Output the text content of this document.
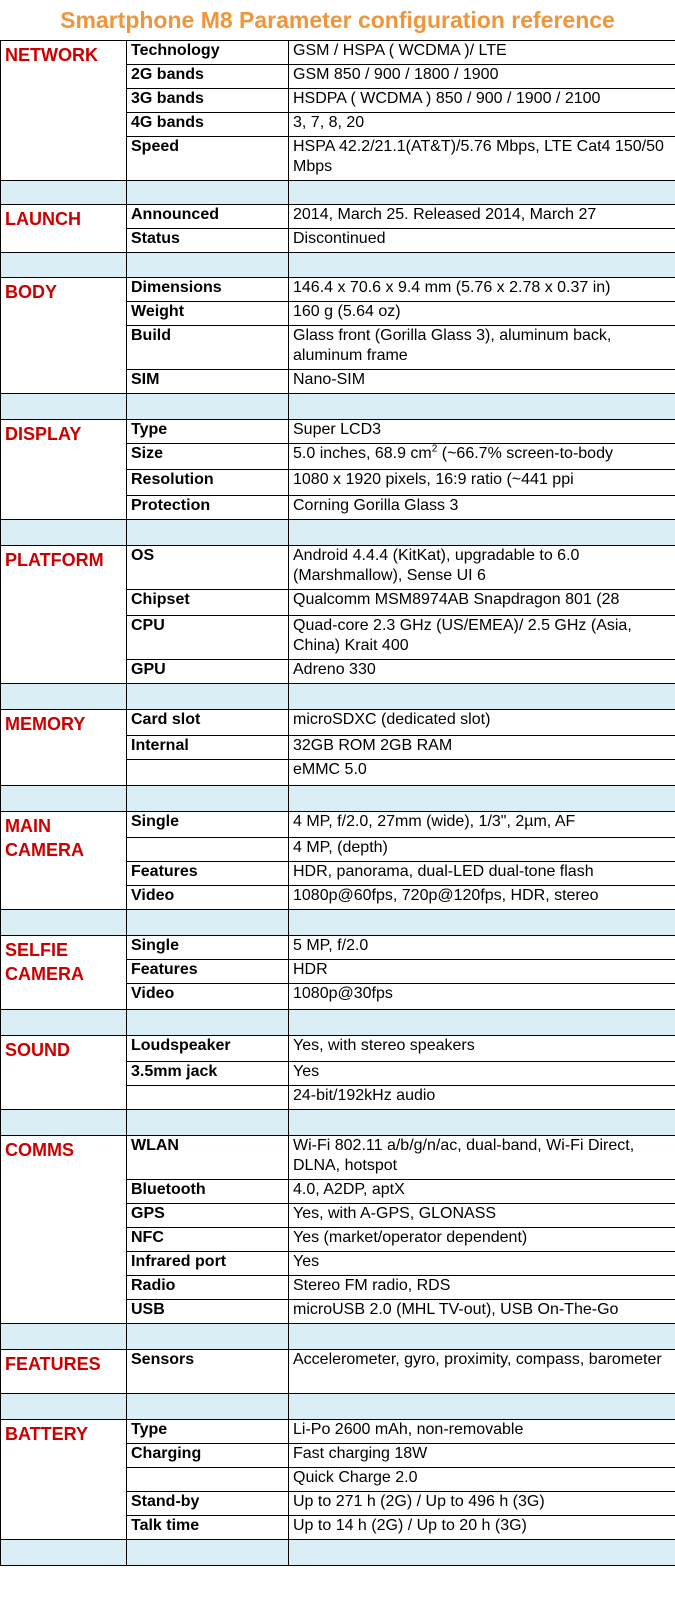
Smartphone M8 Parameter configuration reference
NETWORK	Technology	GSM / HSPA ( WCDMA )/ LTE
	2G bands	GSM 850 / 900 / 1800 / 1900
	3G bands	HSDPA ( WCDMA ) 850 / 900 / 1900 / 2100
	4G bands	3, 7, 8, 20
	Speed	HSPA 42.2/21.1(AT&T)/5.76 Mbps, LTE Cat4 150/50 Mbps

LAUNCH	Announced	2014, March 25. Released 2014, March 27
	Status	Discontinued

BODY	Dimensions	146.4 x 70.6 x 9.4 mm (5.76 x 2.78 x 0.37 in)
	Weight	160 g (5.64 oz)
	Build	Glass front (Gorilla Glass 3), aluminum back, aluminum frame
	SIM	Nano-SIM

DISPLAY	Type	Super LCD3
	Size	5.0 inches, 68.9 $cm^2$ (~66.7% screen-to-body
	Resolution	1080 x 1920 pixels, 16:9 ratio (~441 ppi
	Protection	Corning Gorilla Glass 3

PLATFORM	OS	Android 4.4.4 (KitKat), upgradable to 6.0 (Marshmallow), Sense UI 6
	Chipset	Qualcomm MSM8974AB Snapdragon 801 (28
	CPU	Quad-core 2.3 GHz (US/EMEA)/ 2.5 GHz (Asia, China) Krait 400
	GPU	Adreno 330

MEMORY	Card slot	microSDXC (dedicated slot)
	Internal	32GB ROM 2GB RAM
		eMMC 5.0

MAIN CAMERA	Single	4 MP, f/2.0, 27mm (wide), 1/3", 2µm, AF
		4 MP, (depth)
	Features	HDR, panorama, dual-LED dual-tone flash
	Video	1080p@60fps, 720p@120fps, HDR, stereo

SELFIE CAMERA	Single	5 MP, f/2.0
	Features	HDR
	Video	1080p@30fps

SOUND	Loudspeaker	Yes, with stereo speakers
	3.5mm jack	Yes
		24-bit/192kHz audio

COMMS	WLAN	Wi-Fi 802.11 a/b/g/n/ac, dual-band, Wi-Fi Direct, DLNA, hotspot
	Bluetooth	4.0, A2DP, aptX
	GPS	Yes, with A-GPS, GLONASS
	NFC	Yes (market/operator dependent)
	Infrared port	Yes
	Radio	Stereo FM radio, RDS
	USB	microUSB 2.0 (MHL TV-out), USB On-The-Go

FEATURES	Sensors	Accelerometer, gyro, proximity, compass, barometer

BATTERY	Type	Li-Po 2600 mAh, non-removable
	Charging	Fast charging 18W
		Quick Charge 2.0
	Stand-by	Up to 271 h (2G) / Up to 496 h (3G)
	Talk time	Up to 14 h (2G) / Up to 20 h (3G)
